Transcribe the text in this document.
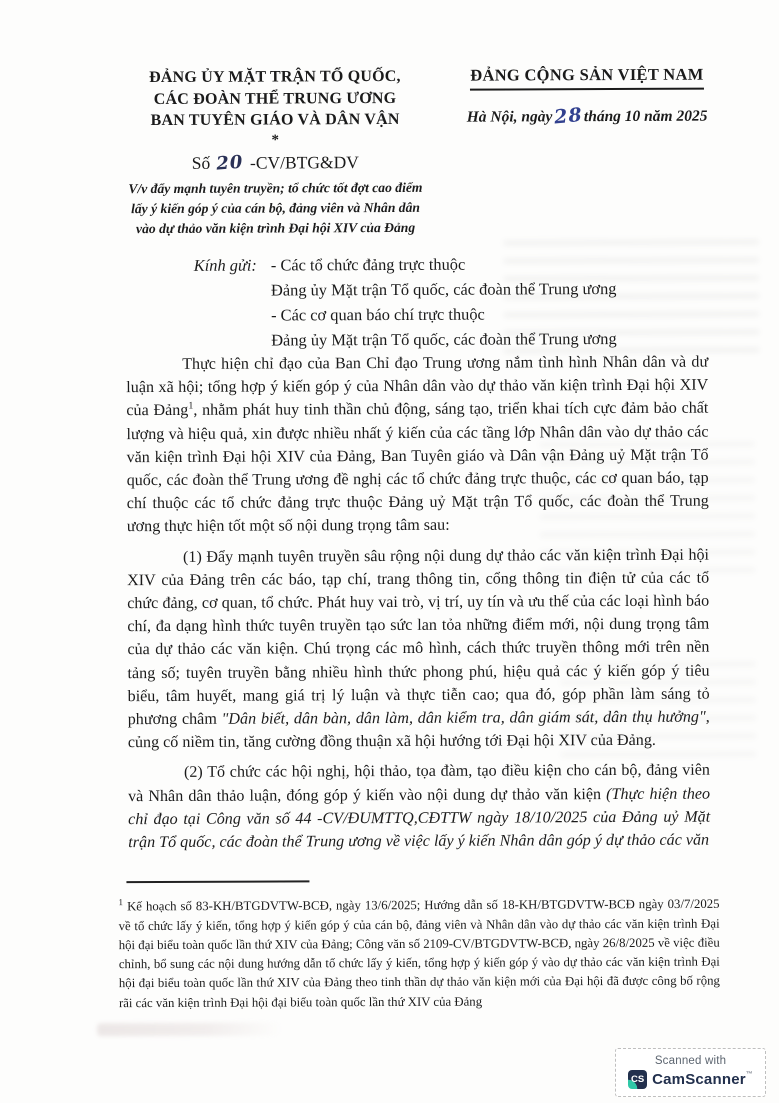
ĐẢNG ỦY MẶT TRẬN TỔ QUỐC,
CÁC ĐOÀN THỂ TRUNG ƯƠNG
BAN TUYÊN GIÁO VÀ DÂN VẬN
*
Số 20 -CV/BTG&DV
V/v đẩy mạnh tuyên truyền; tổ chức tốt đợt cao điểm
lấy ý kiến góp ý của cán bộ, đảng viên và Nhân dân
vào dự thảo văn kiện trình Đại hội XIV của Đảng
ĐẢNG CỘNG SẢN VIỆT NAM
Hà Nội, ngày28tháng 10 năm 2025
Kính gửi: - Các tổ chức đảng trực thuộc
Đảng ủy Mặt trận Tổ quốc, các đoàn thể Trung ương
- Các cơ quan báo chí trực thuộc
Đảng ủy Mặt trận Tổ quốc, các đoàn thể Trung ương

Thực hiện chỉ đạo của Ban Chỉ đạo Trung ương nắm tình hình Nhân dân và dư luận xã hội; tổng hợp ý kiến góp ý của Nhân dân vào dự thảo văn kiện trình Đại hội XIV của Đảng$^1$, nhằm phát huy tinh thần chủ động, sáng tạo, triển khai tích cực đảm bảo chất lượng và hiệu quả, xin được nhiều nhất ý kiến của các tầng lớp Nhân dân vào dự thảo các văn kiện trình Đại hội XIV của Đảng, Ban Tuyên giáo và Dân vận Đảng uỷ Mặt trận Tổ quốc, các đoàn thể Trung ương đề nghị các tổ chức đảng trực thuộc, các cơ quan báo, tạp chí thuộc các tổ chức đảng trực thuộc Đảng uỷ Mặt trận Tổ quốc, các đoàn thể Trung ương thực hiện tốt một số nội dung trọng tâm sau:

(1) Đẩy mạnh tuyên truyền sâu rộng nội dung dự thảo các văn kiện trình Đại hội XIV của Đảng trên các báo, tạp chí, trang thông tin, cổng thông tin điện tử của các tổ chức đảng, cơ quan, tổ chức. Phát huy vai trò, vị trí, uy tín và ưu thế của các loại hình báo chí, đa dạng hình thức tuyên truyền tạo sức lan tỏa những điểm mới, nội dung trọng tâm của dự thảo các văn kiện. Chú trọng các mô hình, cách thức truyền thông mới trên nền tảng số; tuyên truyền bằng nhiều hình thức phong phú, hiệu quả các ý kiến góp ý tiêu biểu, tâm huyết, mang giá trị lý luận và thực tiễn cao; qua đó, góp phần làm sáng tỏ phương châm "Dân biết, dân bàn, dân làm, dân kiểm tra, dân giám sát, dân thụ hưởng", củng cố niềm tin, tăng cường đồng thuận xã hội hướng tới Đại hội XIV của Đảng.

(2) Tổ chức các hội nghị, hội thảo, tọa đàm, tạo điều kiện cho cán bộ, đảng viên và Nhân dân thảo luận, đóng góp ý kiến vào nội dung dự thảo văn kiện (Thực hiện theo chỉ đạo tại Công văn số 44 -CV/ĐUMTTQ,CĐTTW ngày 18/10/2025 của Đảng uỷ Mặt trận Tổ quốc, các đoàn thể Trung ương về việc lấy ý kiến Nhân dân góp ý dự thảo các văn

$^1$ Kế hoạch số 83-KH/BTGDVTW-BCĐ, ngày 13/6/2025; Hướng dẫn số 18-KH/BTGDVTW-BCĐ ngày 03/7/2025 về tổ chức lấy ý kiến, tổng hợp ý kiến góp ý của cán bộ, đảng viên và Nhân dân vào dự thảo các văn kiện trình Đại hội đại biểu toàn quốc lần thứ XIV của Đảng; Công văn số 2109-CV/BTGDVTW-BCĐ, ngày 26/8/2025 về việc điều chỉnh, bổ sung các nội dung hướng dẫn tổ chức lấy ý kiến, tổng hợp ý kiến góp ý vào dự thảo các văn kiện trình Đại hội đại biểu toàn quốc lần thứ XIV của Đảng theo tinh thần dự thảo văn kiện mới của Đại hội đã được công bố rộng rãi các văn kiện trình Đại hội đại biểu toàn quốc lần thứ XIV của Đảng
Scanned with
CS CamScanner™
